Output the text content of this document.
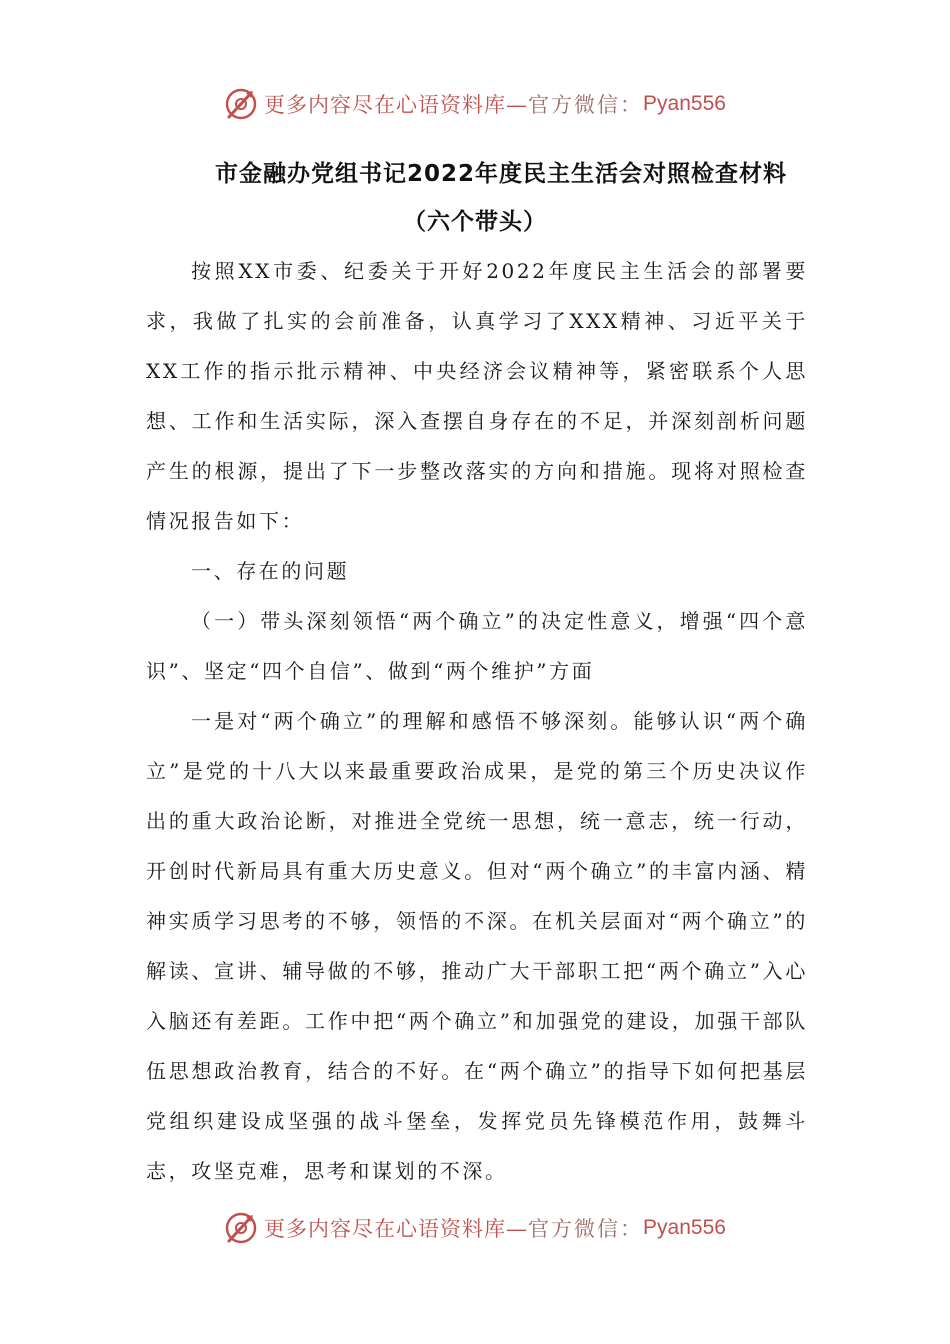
更多内容尽在心语资料库— 官方微信： Pyan556
市金融办党组书记2022年度民主生活会对照检查材料
（六个带头）

按照XX市委、纪委关于开好2022年度民主生活会的部署要求，我做了扎实的会前准备，认真学习了XXX精神、习近平关于XX工作的指示批示精神、中央经济会议精神等，紧密联系个人思想、工作和生活实际，深入查摆自身存在的不足，并深刻剖析问题产生的根源，提出了下一步整改落实的方向和措施。现将对照检查情况报告如下：

一、存在的问题

（一）带头深刻领悟“两个确立”的决定性意义，增强“四个意识”、坚定“四个自信”、做到“两个维护”方面

一是对“两个确立”的理解和感悟不够深刻。能够认识“两个确立”是党的十八大以来最重要政治成果，是党的第三个历史决议作出的重大政治论断，对推进全党统一思想，统一意志，统一行动，开创时代新局具有重大历史意义。但对“两个确立”的丰富内涵、精神实质学习思考的不够，领悟的不深。在机关层面对“两个确立”的解读、宣讲、辅导做的不够，推动广大干部职工把“两个确立”入心入脑还有差距。工作中把“两个确立”和加强党的建设，加强干部队伍思想政治教育，结合的不好。在“两个确立”的指导下如何把基层党组织建设成坚强的战斗堡垒，发挥党员先锋模范作用，鼓舞斗志，攻坚克难，思考和谋划的不深。

更多内容尽在心语资料库— 官方微信： Pyan556
